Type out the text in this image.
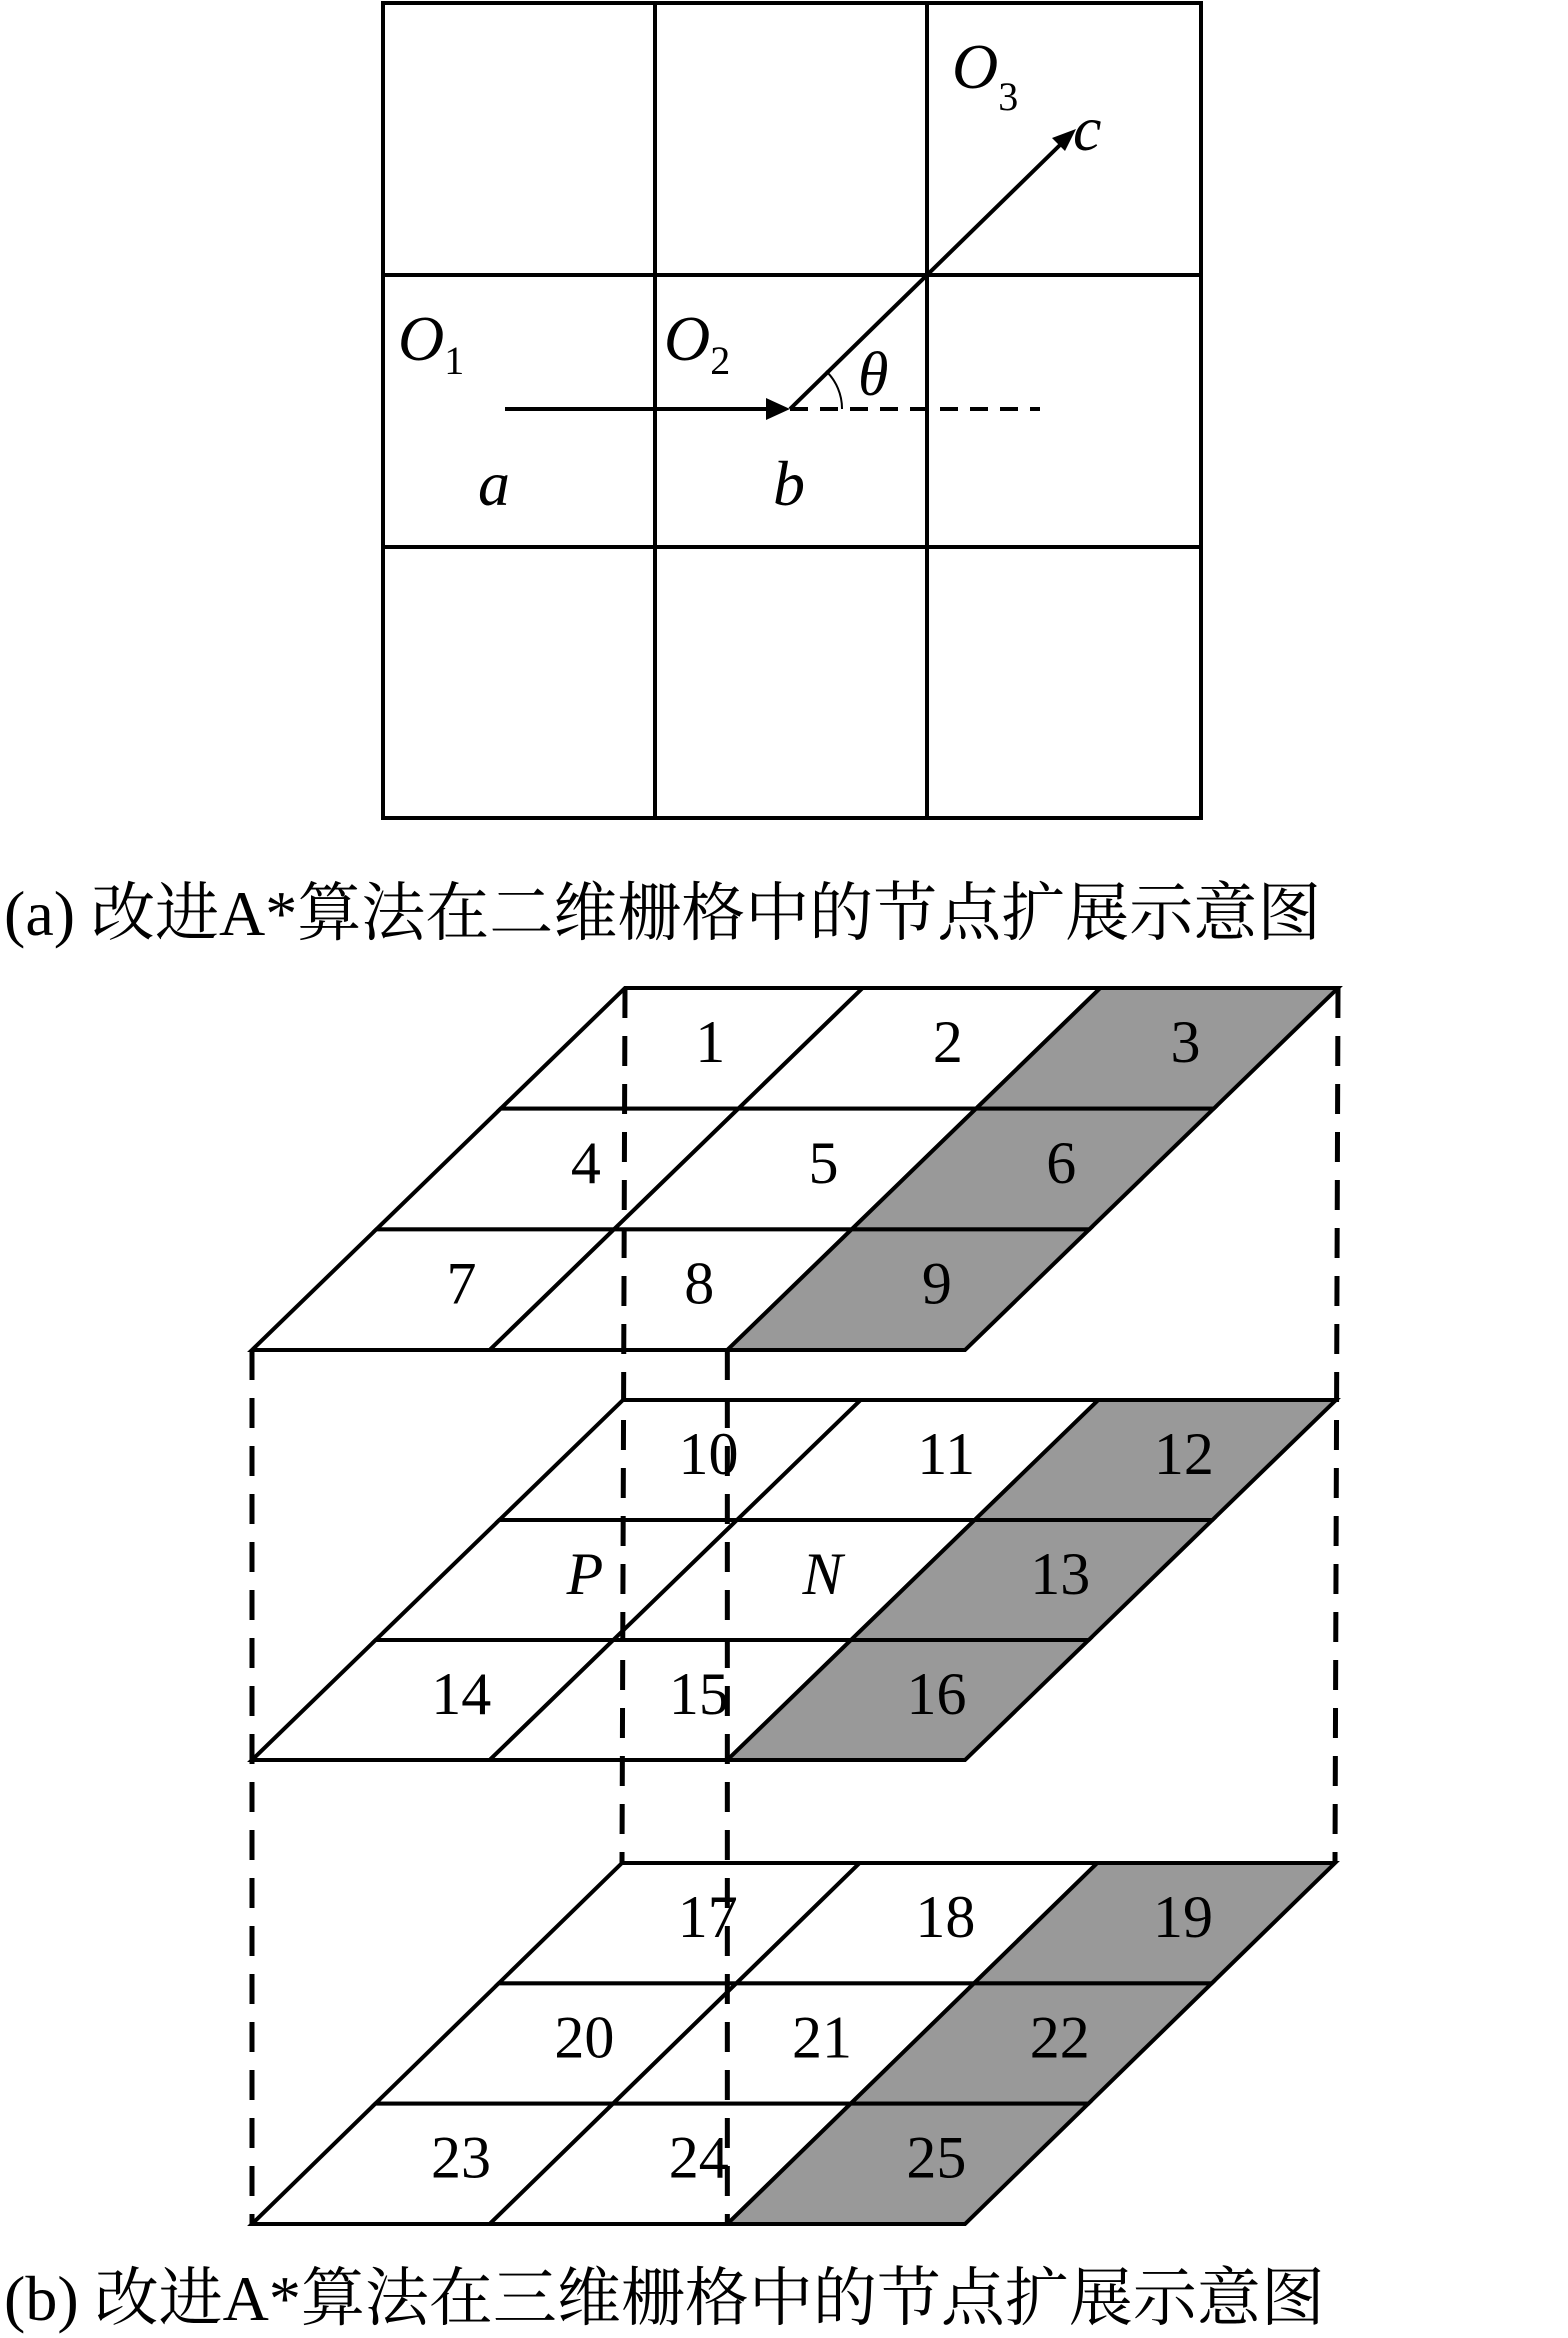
$O_1$	$O_2$
$O_3$
a	b
c
θ
(a) 改进A*算法在二维栅格中的节点扩展示意图
1	2	3
4	5	6
7	8	9
10	11	12
P	N	13
14	15	16
17	18	19
20	21	22
23	24	25
(b) 改进A*算法在三维栅格中的节点扩展示意图
